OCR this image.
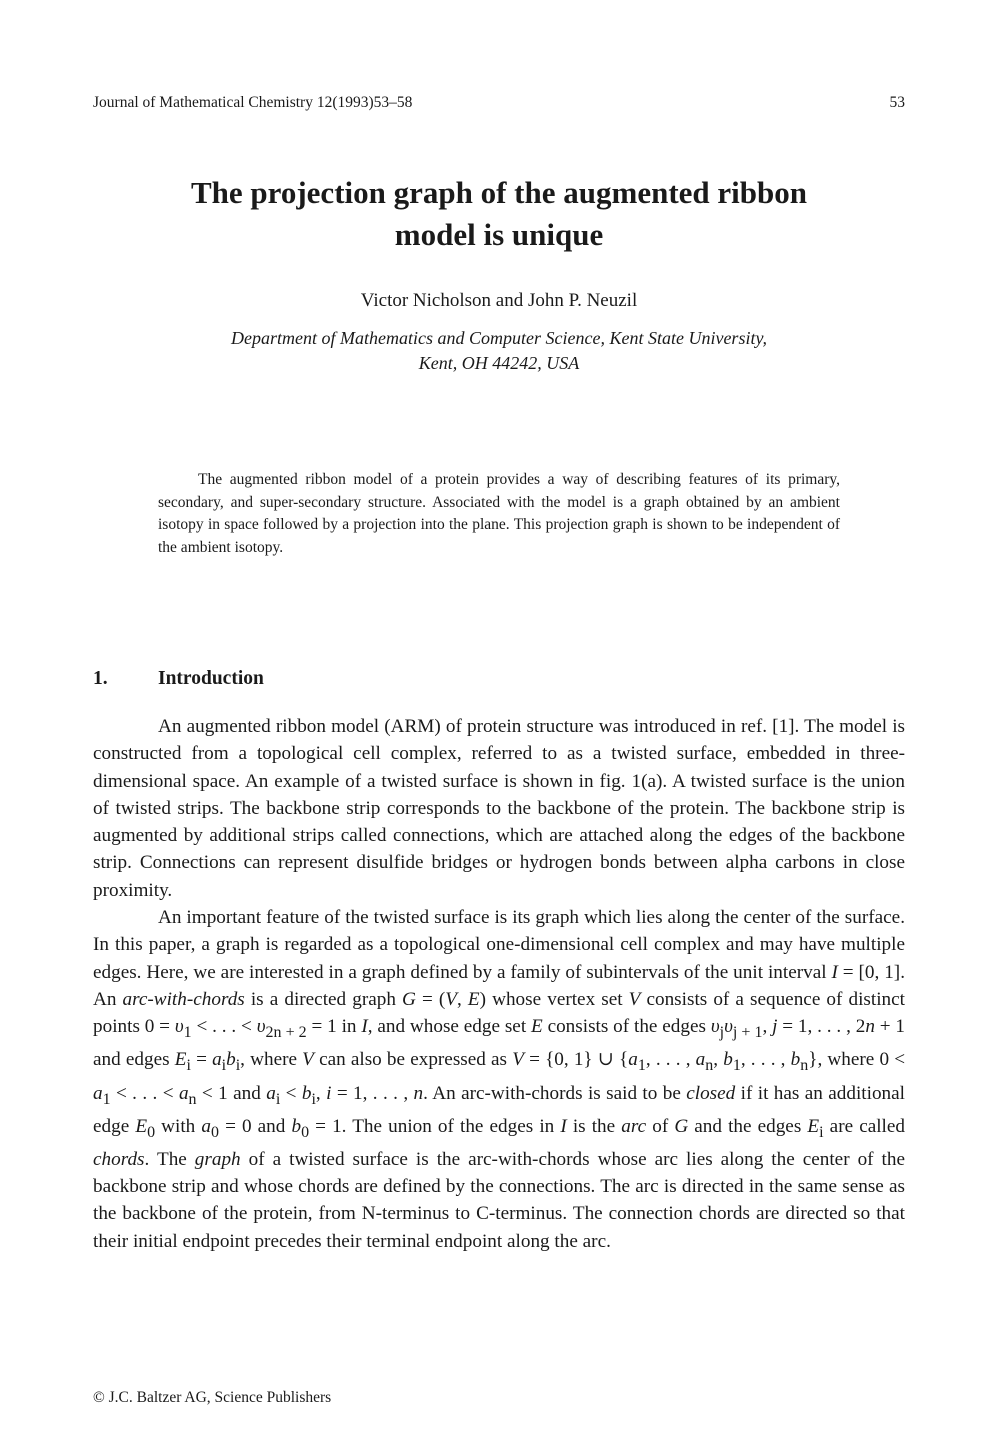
Journal of Mathematical Chemistry 12(1993)53–58	53
The projection graph of the augmented ribbon
model is unique
Victor Nicholson and John P. Neuzil
Department of Mathematics and Computer Science, Kent State University,
Kent, OH 44242, USA
The augmented ribbon model of a protein provides a way of describing features of its primary, secondary, and super-secondary structure. Associated with the model is a graph obtained by an ambient isotopy in space followed by a projection into the plane. This projection graph is shown to be independent of the ambient isotopy.
1.	Introduction

An augmented ribbon model (ARM) of protein structure was introduced in ref. [1]. The model is constructed from a topological cell complex, referred to as a twisted surface, embedded in three-dimensional space. An example of a twisted surface is shown in fig. 1(a). A twisted surface is the union of twisted strips. The backbone strip corresponds to the backbone of the protein. The backbone strip is augmented by additional strips called connections, which are attached along the edges of the backbone strip. Connections can represent disulfide bridges or hydrogen bonds between alpha carbons in close proximity.

An important feature of the twisted surface is its graph which lies along the center of the surface. In this paper, a graph is regarded as a topological one-dimensional cell complex and may have multiple edges. Here, we are interested in a graph defined by a family of subintervals of the unit interval I = [0, 1]. An arc-with-chords is a directed graph G = (V, E) whose vertex set V consists of a sequence of distinct points $0 = \upsilon_1$ < . . . < $\upsilon_{2n + 2} = 1$ in I, and whose edge set E consists of the edges $\upsilon_j\upsilon_{j + 1}$, j = 1, . . . , 2n + 1 and edges $E_i = a_ib_i$, where V can also be expressed as V = {0, 1} ∪ {$a_1$, . . . , $a_n$, $b_1$, . . . , $b_n$}, where $0 < a_1$ < . . . < $a_n < 1$ and $a_i < b_i$, i = 1, . . . , n. An arc-with-chords is said to be closed if it has an additional edge $E_0$ with $a_0 = 0$ and $b_0 = 1$. The union of the edges in I is the arc of G and the edges $E_i$ are called chords. The graph of a twisted surface is the arc-with-chords whose arc lies along the center of the backbone strip and whose chords are defined by the connections. The arc is directed in the same sense as the backbone of the protein, from N-terminus to C-terminus. The connection chords are directed so that their initial endpoint precedes their terminal endpoint along the arc.

© J.C. Baltzer AG, Science Publishers
